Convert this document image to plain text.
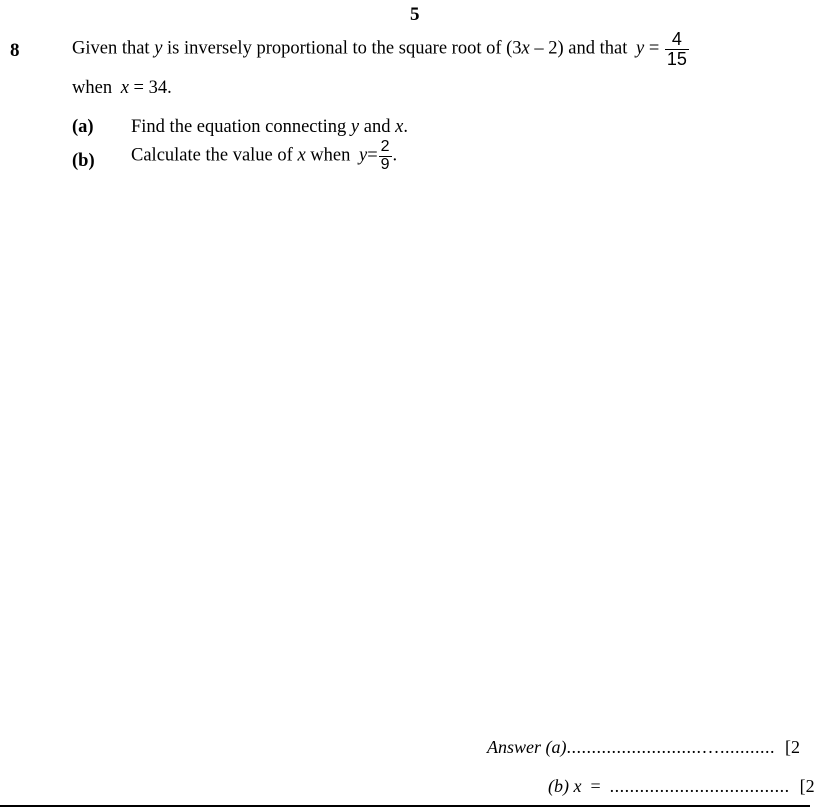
5
8	Given that y is inversely proportional to the square root of (3x – 2) and that $y = \frac{4}{15}$
when x = 34.
(a) Find the equation connecting y and x.
(b) Calculate the value of x when $y= \frac{2}{9}$ .
Answer (a)...........................…........... [2
(b) x  =  .................................... [2
